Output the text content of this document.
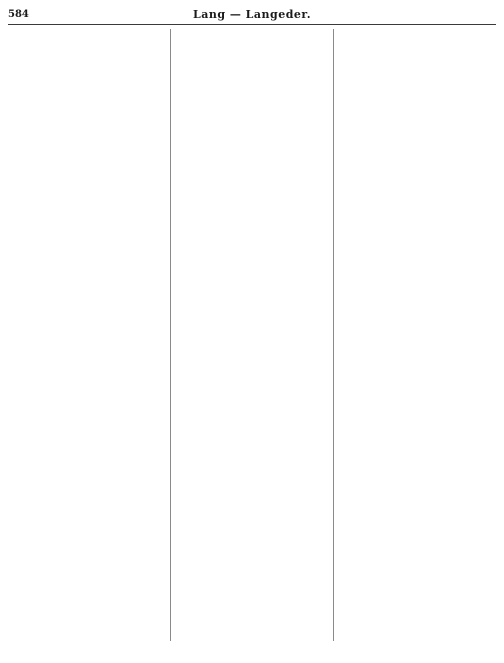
584	Lang — Langeder.
